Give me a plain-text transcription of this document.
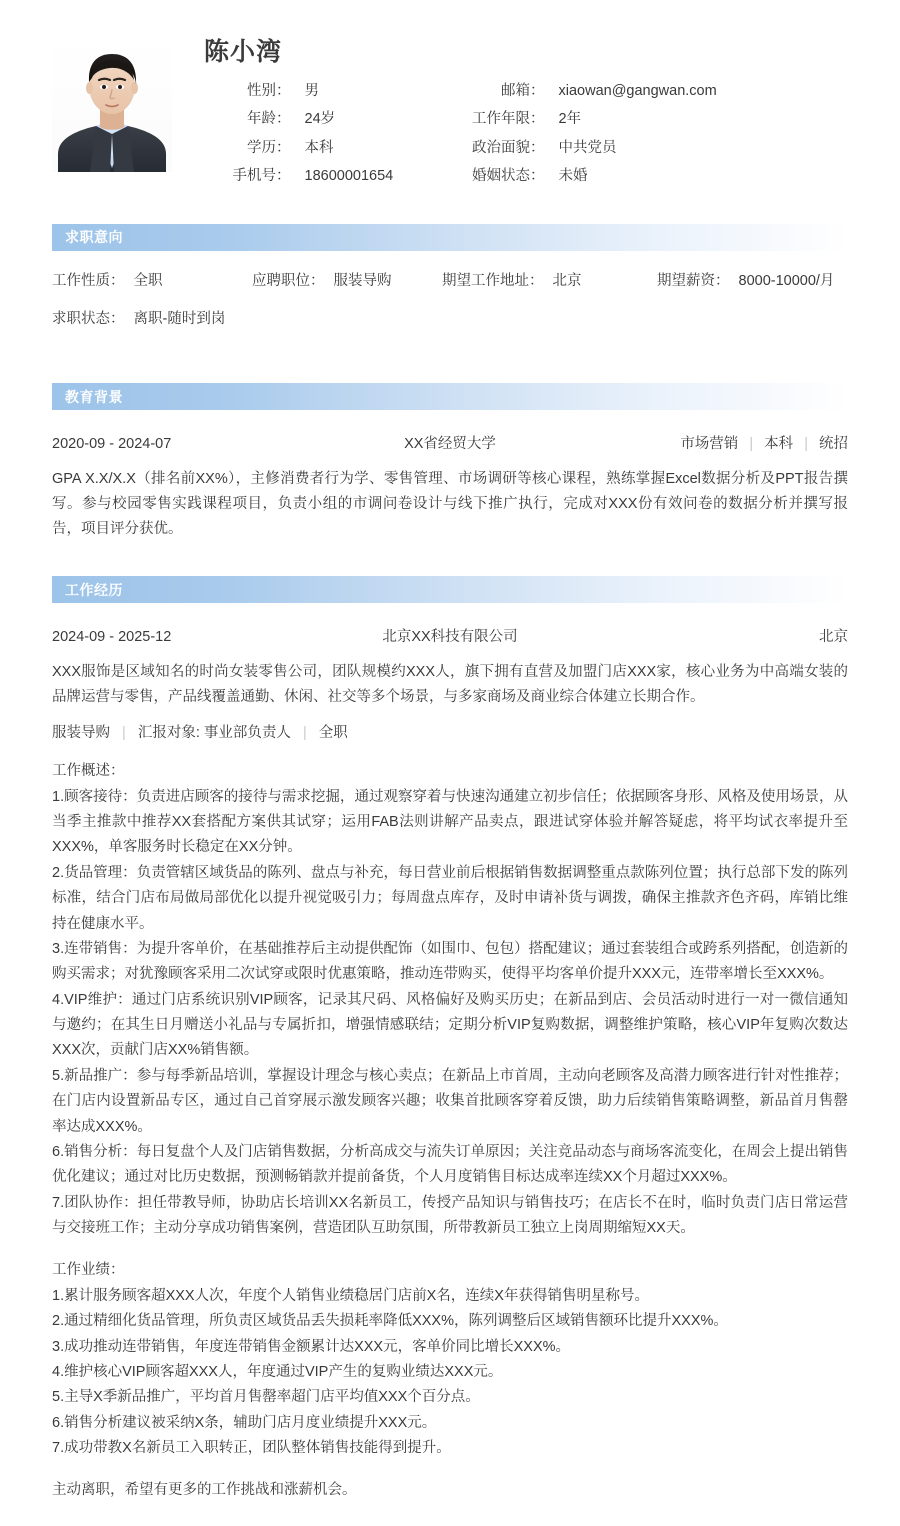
陈小湾
性别 ： 男	邮箱 ： xiaowan@gangwan.com
年龄 ： 24岁	工作年限 ： 2年
学历 ： 本科	政治面貌 ： 中共党员
手机号 ： 18600001654	婚姻状态 ： 未婚
求职意向
工作性质 ： 全职	应聘职位 ： 服装导购	期望工作地址 ： 北京	期望薪资 ： 8000-10000/月
求职状态 ： 离职-随时到岗
教育背景
2020-09 - 2024-07	XX省经贸大学	市场营销 | 本科 | 统招

GPA X.X/X.X（排名前XX%），主修消费者行为学、零售管理、市场调研等核心课程，熟练掌握Excel数据分析及PPT报告撰写。参与校园零售实践课程项目，负责小组的市调问卷设计与线下推广执行，完成对XXX份有效问卷的数据分析并撰写报告，项目评分获优。

工作经历
2024-09 - 2025-12	北京XX科技有限公司	北京

XXX服饰是区域知名的时尚女装零售公司，团队规模约XXX人，旗下拥有直营及加盟门店XXX家，核心业务为中高端女装的品牌运营与零售，产品线覆盖通勤、休闲、社交等多个场景，与多家商场及商业综合体建立长期合作。

服装导购 | 汇报对象: 事业部负责人 | 全职

工作概述：

1.顾客接待：负责进店顾客的接待与需求挖掘，通过观察穿着与快速沟通建立初步信任；依据顾客身形、风格及使用场景，从当季主推款中推荐XX套搭配方案供其试穿；运用FAB法则讲解产品卖点，跟进试穿体验并解答疑虑，将平均试衣率提升至XXX%，单客服务时长稳定在XX分钟。

2.货品管理：负责管辖区域货品的陈列、盘点与补充，每日营业前后根据销售数据调整重点款陈列位置；执行总部下发的陈列标准，结合门店布局做局部优化以提升视觉吸引力；每周盘点库存，及时申请补货与调拨，确保主推款齐色齐码，库销比维持在健康水平。

3.连带销售：为提升客单价，在基础推荐后主动提供配饰（如围巾、包包）搭配建议；通过套装组合或跨系列搭配，创造新的购买需求；对犹豫顾客采用二次试穿或限时优惠策略，推动连带购买，使得平均客单价提升XXX元，连带率增长至XXX%。

4.VIP维护：通过门店系统识别VIP顾客，记录其尺码、风格偏好及购买历史；在新品到店、会员活动时进行一对一微信通知与邀约；在其生日月赠送小礼品与专属折扣，增强情感联结；定期分析VIP复购数据，调整维护策略，核心VIP年复购次数达XXX次，贡献门店XX%销售额。

5.新品推广：参与每季新品培训，掌握设计理念与核心卖点；在新品上市首周，主动向老顾客及高潜力顾客进行针对性推荐；在门店内设置新品专区，通过自己首穿展示激发顾客兴趣；收集首批顾客穿着反馈，助力后续销售策略调整，新品首月售罄率达成XXX%。

6.销售分析：每日复盘个人及门店销售数据，分析高成交与流失订单原因；关注竞品动态与商场客流变化，在周会上提出销售优化建议；通过对比历史数据，预测畅销款并提前备货，个人月度销售目标达成率连续XX个月超过XXX%。

7.团队协作：担任带教导师，协助店长培训XX名新员工，传授产品知识与销售技巧；在店长不在时，临时负责门店日常运营与交接班工作；主动分享成功销售案例，营造团队互助氛围，所带教新员工独立上岗周期缩短XX天。

工作业绩：

1.累计服务顾客超XXX人次，年度个人销售业绩稳居门店前X名，连续X年获得销售明星称号。

2.通过精细化货品管理，所负责区域货品丢失损耗率降低XXX%，陈列调整后区域销售额环比提升XXX%。

3.成功推动连带销售，年度连带销售金额累计达XXX元，客单价同比增长XXX%。

4.维护核心VIP顾客超XXX人，年度通过VIP产生的复购业绩达XXX元。

5.主导X季新品推广，平均首月售罄率超门店平均值XXX个百分点。

6.销售分析建议被采纳X条，辅助门店月度业绩提升XXX元。

7.成功带教X名新员工入职转正，团队整体销售技能得到提升。

主动离职，希望有更多的工作挑战和涨薪机会。
